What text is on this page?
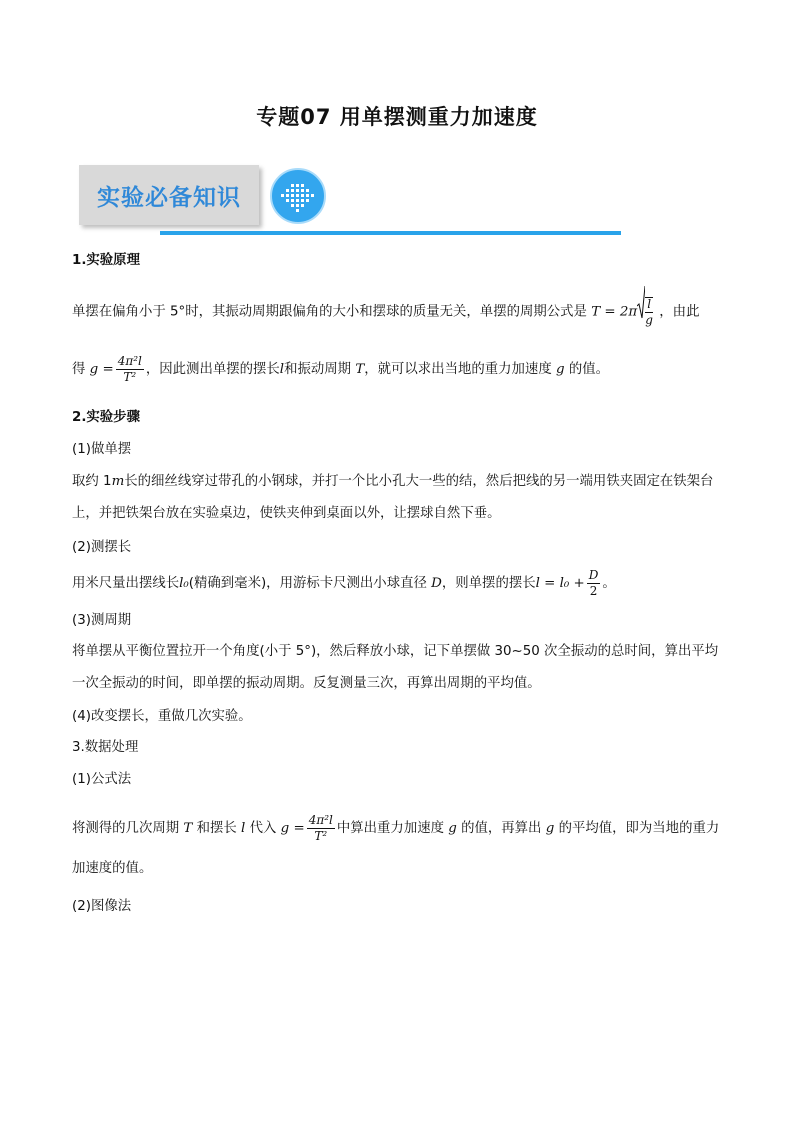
专题07 用单摆测重力加速度
实验必备知识
1.实验原理
单摆在偏角小于 5°时，其振动周期跟偏角的大小和摆球的质量无关，单摆的周期公式是 $T = 2\pi \frac{l}{g}$ ，由此
得 $g = \frac{\text{4π²l}}{\text{T²}}$ ，因此测出单摆的摆长l和振动周期 T，就可以求出当地的重力加速度 g 的值。
2.实验步骤
(1)做单摆
取约 1m长的细丝线穿过带孔的小钢球，并打一个比小孔大一些的结，然后把线的另一端用铁夹固定在铁架台上，并把铁架台放在实验桌边，使铁夹伸到桌面以外，让摆球自然下垂。
(2)测摆长
用米尺量出摆线长l₀(精确到毫米)，用游标卡尺测出小球直径 D，则单摆的摆长$l = l_0 + \frac{D}{2}$ 。
(3)测周期
将单摆从平衡位置拉开一个角度(小于 5°)，然后释放小球，记下单摆做 30~50 次全振动的总时间，算出平均一次全振动的时间，即单摆的振动周期。反复测量三次，再算出周期的平均值。
(4)改变摆长，重做几次实验。
3.数据处理
(1)公式法
将测得的几次周期 T 和摆长 l 代入 $g = \frac{\text{4π²l}}{\text{T²}}$ 中算出重力加速度 g 的值，再算出 g 的平均值，即为当地的重力加速度的值。
(2)图像法
